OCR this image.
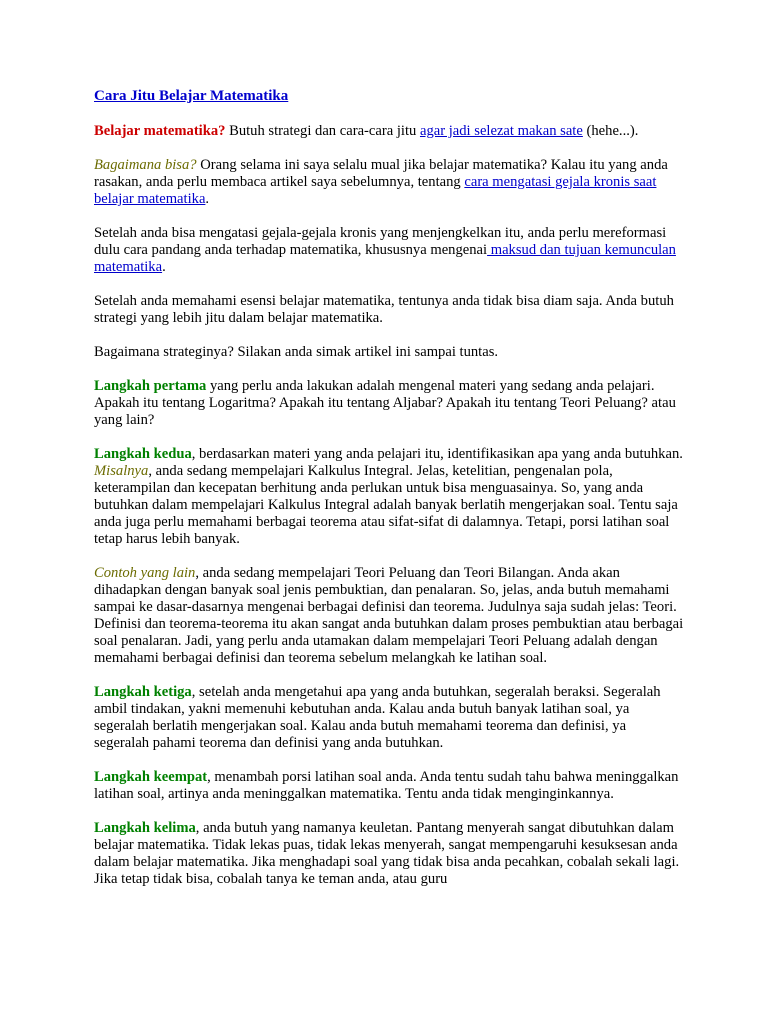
Cara Jitu Belajar Matematika

Belajar matematika? Butuh strategi dan cara-cara jitu agar jadi selezat makan sate (hehe...).

Bagaimana bisa? Orang selama ini saya selalu mual jika belajar matematika? Kalau itu yang anda rasakan, anda perlu membaca artikel saya sebelumnya, tentang cara mengatasi gejala kronis saat belajar matematika.

Setelah anda bisa mengatasi gejala-gejala kronis yang menjengkelkan itu, anda perlu mereformasi dulu cara pandang anda terhadap matematika, khususnya mengenai maksud dan tujuan kemunculan matematika.

Setelah anda memahami esensi belajar matematika, tentunya anda tidak bisa diam saja. Anda butuh strategi yang lebih jitu dalam belajar matematika.

Bagaimana strateginya? Silakan anda simak artikel ini sampai tuntas.

Langkah pertama yang perlu anda lakukan adalah mengenal materi yang sedang anda pelajari. Apakah itu tentang Logaritma? Apakah itu tentang Aljabar? Apakah itu tentang Teori Peluang? atau yang lain?

Langkah kedua, berdasarkan materi yang anda pelajari itu, identifikasikan apa yang anda butuhkan.

Misalnya, anda sedang mempelajari Kalkulus Integral. Jelas, ketelitian, pengenalan pola, keterampilan dan kecepatan berhitung anda perlukan untuk bisa menguasainya. So, yang anda butuhkan dalam mempelajari Kalkulus Integral adalah banyak berlatih mengerjakan soal. Tentu saja anda juga perlu memahami berbagai teorema atau sifat-sifat di dalamnya. Tetapi, porsi latihan soal tetap harus lebih banyak.

Contoh yang lain, anda sedang mempelajari Teori Peluang dan Teori Bilangan. Anda akan dihadapkan dengan banyak soal jenis pembuktian, dan penalaran. So, jelas, anda butuh memahami sampai ke dasar-dasarnya mengenai berbagai definisi dan teorema. Judulnya saja sudah jelas: Teori. Definisi dan teorema-teorema itu akan sangat anda butuhkan dalam proses pembuktian atau berbagai soal penalaran. Jadi, yang perlu anda utamakan dalam mempelajari Teori Peluang adalah dengan memahami berbagai definisi dan teorema sebelum melangkah ke latihan soal.

Langkah ketiga, setelah anda mengetahui apa yang anda butuhkan, segeralah beraksi. Segeralah ambil tindakan, yakni memenuhi kebutuhan anda. Kalau anda butuh banyak latihan soal, ya segeralah berlatih mengerjakan soal. Kalau anda butuh memahami teorema dan definisi, ya segeralah pahami teorema dan definisi yang anda butuhkan.

Langkah keempat, menambah porsi latihan soal anda. Anda tentu sudah tahu bahwa meninggalkan latihan soal, artinya anda meninggalkan matematika. Tentu anda tidak menginginkannya.

Langkah kelima, anda butuh yang namanya keuletan. Pantang menyerah sangat dibutuhkan dalam belajar matematika. Tidak lekas puas, tidak lekas menyerah, sangat mempengaruhi kesuksesan anda dalam belajar matematika. Jika menghadapi soal yang tidak bisa anda pecahkan, cobalah sekali lagi. Jika tetap tidak bisa, cobalah tanya ke teman anda, atau guru
